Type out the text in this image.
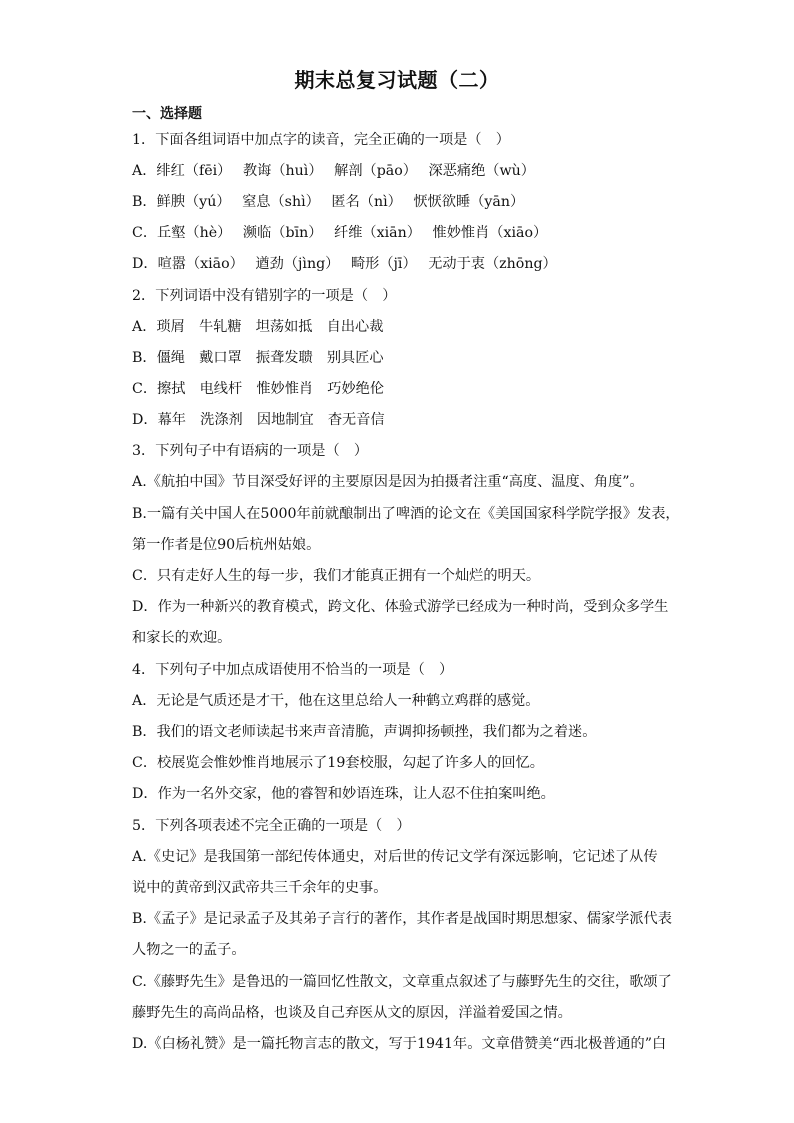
期末总复习试题（二）
一、选择题
1．下面各组词语中加点字的读音，完全正确的一项是（　）
A．绯红（fēi）　 教诲（huì）　 解剖（pāo）　 深恶痛绝（wù）
B．鲜腴（yú）　 窒息（shì）　 匿名（nì）　 恹恹欲睡（yān）
C．丘壑（hè）　 濒临（bīn）　 纤维（xiān）　 惟妙惟肖（xiāo）
D．喧嚣（xiāo）　 遒劲（jìng）　 畸形（jī）　 无动于衷（zhōng）
2．下列词语中没有错别字的一项是（　）
A．琐屑　牛轧糖　坦荡如抵　自出心裁
B．僵绳　戴口罩　振聋发聩　别具匠心
C．擦拭　电线杆　惟妙惟肖　巧妙绝伦
D．幕年　洗涤剂　因地制宜　杳无音信
3．下列句子中有语病的一项是（　）
A.《航拍中国》节目深受好评的主要原因是因为拍摄者注重“高度、温度、角度”。
B.一篇有关中国人在5000年前就酿制出了啤酒的论文在《美国国家科学院学报》发表，
第一作者是位90后杭州姑娘。
C．只有走好人生的每一步，我们才能真正拥有一个灿烂的明天。
D．作为一种新兴的教育模式，跨文化、体验式游学已经成为一种时尚，受到众多学生
和家长的欢迎。
4．下列句子中加点成语使用不恰当的一项是（　）
A．无论是气质还是才干，他在这里总给人一种鹤立鸡群的感觉。
B．我们的语文老师读起书来声音清脆，声调抑扬顿挫，我们都为之着迷。
C．校展览会惟妙惟肖地展示了19套校服，勾起了许多人的回忆。
D．作为一名外交家，他的睿智和妙语连珠，让人忍不住拍案叫绝。
5．下列各项表述不完全正确的一项是（　）
A.《史记》是我国第一部纪传体通史，对后世的传记文学有深远影响，它记述了从传
说中的黄帝到汉武帝共三千余年的史事。
B.《孟子》是记录孟子及其弟子言行的著作，其作者是战国时期思想家、儒家学派代表
人物之一的孟子。
C.《藤野先生》是鲁迅的一篇回忆性散文，文章重点叙述了与藤野先生的交往，歌颂了
藤野先生的高尚品格，也谈及自己弃医从文的原因，洋溢着爱国之情。
D.《白杨礼赞》是一篇托物言志的散文，写于1941年。文章借赞美“西北极普通的”白
